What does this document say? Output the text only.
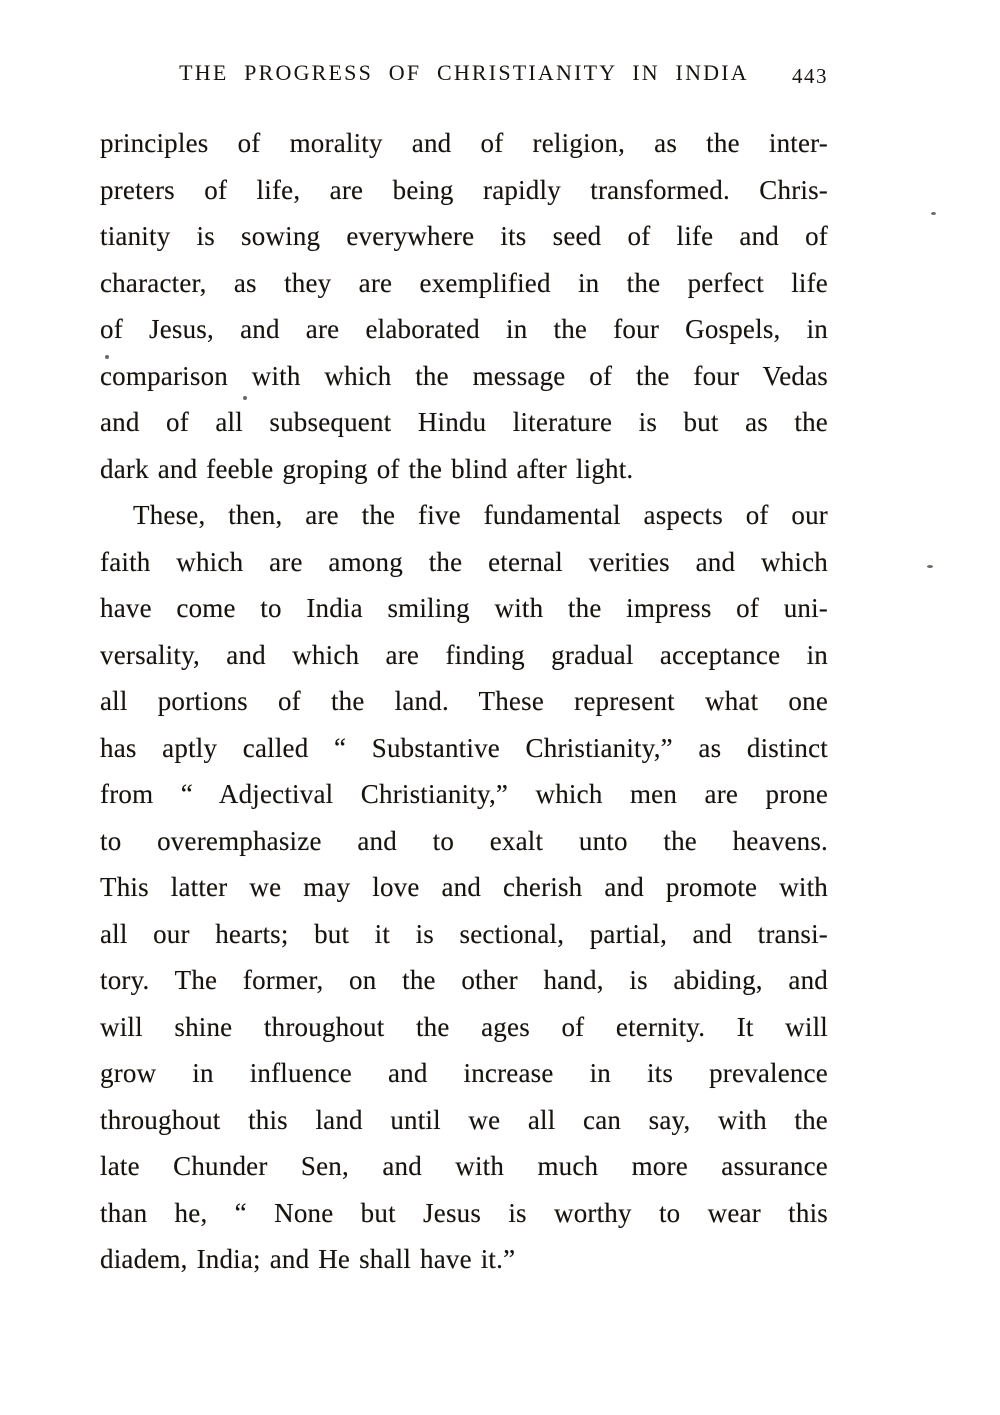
THE PROGRESS OF CHRISTIANITY IN INDIA	443
principles of morality and of religion, as the inter-
preters of life, are being rapidly transformed. Chris-
tianity is sowing everywhere its seed of life and of
character, as they are exemplified in the perfect life
of Jesus, and are elaborated in the four Gospels, in
comparison with which the message of the four Vedas
and of all subsequent Hindu literature is but as the
dark and feeble groping of the blind after light.
These, then, are the five fundamental aspects of our
faith which are among the eternal verities and which
have come to India smiling with the impress of uni-
versality, and which are finding gradual acceptance in
all portions of the land. These represent what one
has aptly called “ Substantive Christianity,” as distinct
from “ Adjectival Christianity,” which men are prone
to overemphasize and to exalt unto the heavens.
This latter we may love and cherish and promote with
all our hearts; but it is sectional, partial, and transi-
tory. The former, on the other hand, is abiding, and
will shine throughout the ages of eternity. It will
grow in influence and increase in its prevalence
throughout this land until we all can say, with the
late Chunder Sen, and with much more assurance
than he, “ None but Jesus is worthy to wear this
diadem, India; and He shall have it.”
